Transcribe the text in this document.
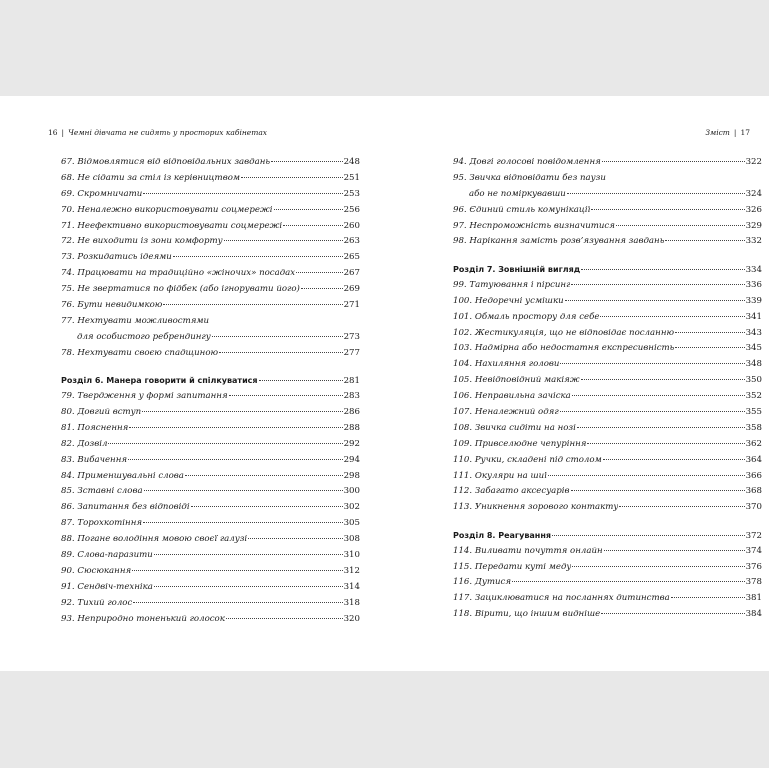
16 | Чемні дівчата не сидять у просторих кабінетах
67. Відмовлятися від відповідальних завдань	248
68. Не сідати за стіл із керівництвом	251
69. Скромничати	253
70. Неналежно використовувати соцмережі	256
71. Неефективно використовувати соцмережі	260
72. Не виходити із зони комфорту	263
73. Розкидатись ідеями	265
74. Працювати на традиційно «жіночих» посадах	267
75. Не звертатися по фідбек (або ігнорувати його)	269
76. Бути невидимкою	271
77. Нехтувати можливостями
для особистого ребрендингу	273
78. Нехтувати своєю спадщиною	277
Розділ 6. Манера говорити й спілкуватися	281
79. Твердження у формі запитання	283
80. Довгий вступ	286
81. Пояснення	288
82. Дозвіл	292
83. Вибачення	294
84. Применшувальні слова	298
85. Зставні слова	300
86. Запитання без відповіді	302
87. Торохкотіння	305
88. Погане володіння мовою своєї галузі	308
89. Слова-паразити	310
90. Сюсюкання	312
91. Сендвіч-техніка	314
92. Тихий голос	318
93. Неприродно тоненький голосок	320
Зміст | 17
94. Довгі голосові повідомлення	322
95. Звичка відповідати без паузи
або не поміркувавши	324
96. Єдиний стиль комунікації	326
97. Неспроможність визначитися	329
98. Нарікання замість розв’язування завдань	332
Розділ 7. Зовнішній вигляд	334
99. Татуювання і пірсинг	336
100. Недоречні усмішки	339
101. Обмаль простору для себе	341
102. Жестикуляція, що не відповідає посланню	343
103. Надмірна або недостатня експресивність	345
104. Нахиляння голови	348
105. Невідповідний макіяж	350
106. Неправильна зачіска	352
107. Неналежний одяг	355
108. Звичка сидіти на нозі	358
109. Привселюдне чепуріння	362
110. Ручки, складені під столом	364
111. Окуляри на шиї	366
112. Забагато аксесуарів	368
113. Уникнення зорового контакту	370
Розділ 8. Реагування	372
114. Виливати почуття онлайн	374
115. Передати куті меду	376
116. Дутися	378
117. Зациклюватися на посланнях дитинства	381
118. Вірити, що іншим видніше	384
